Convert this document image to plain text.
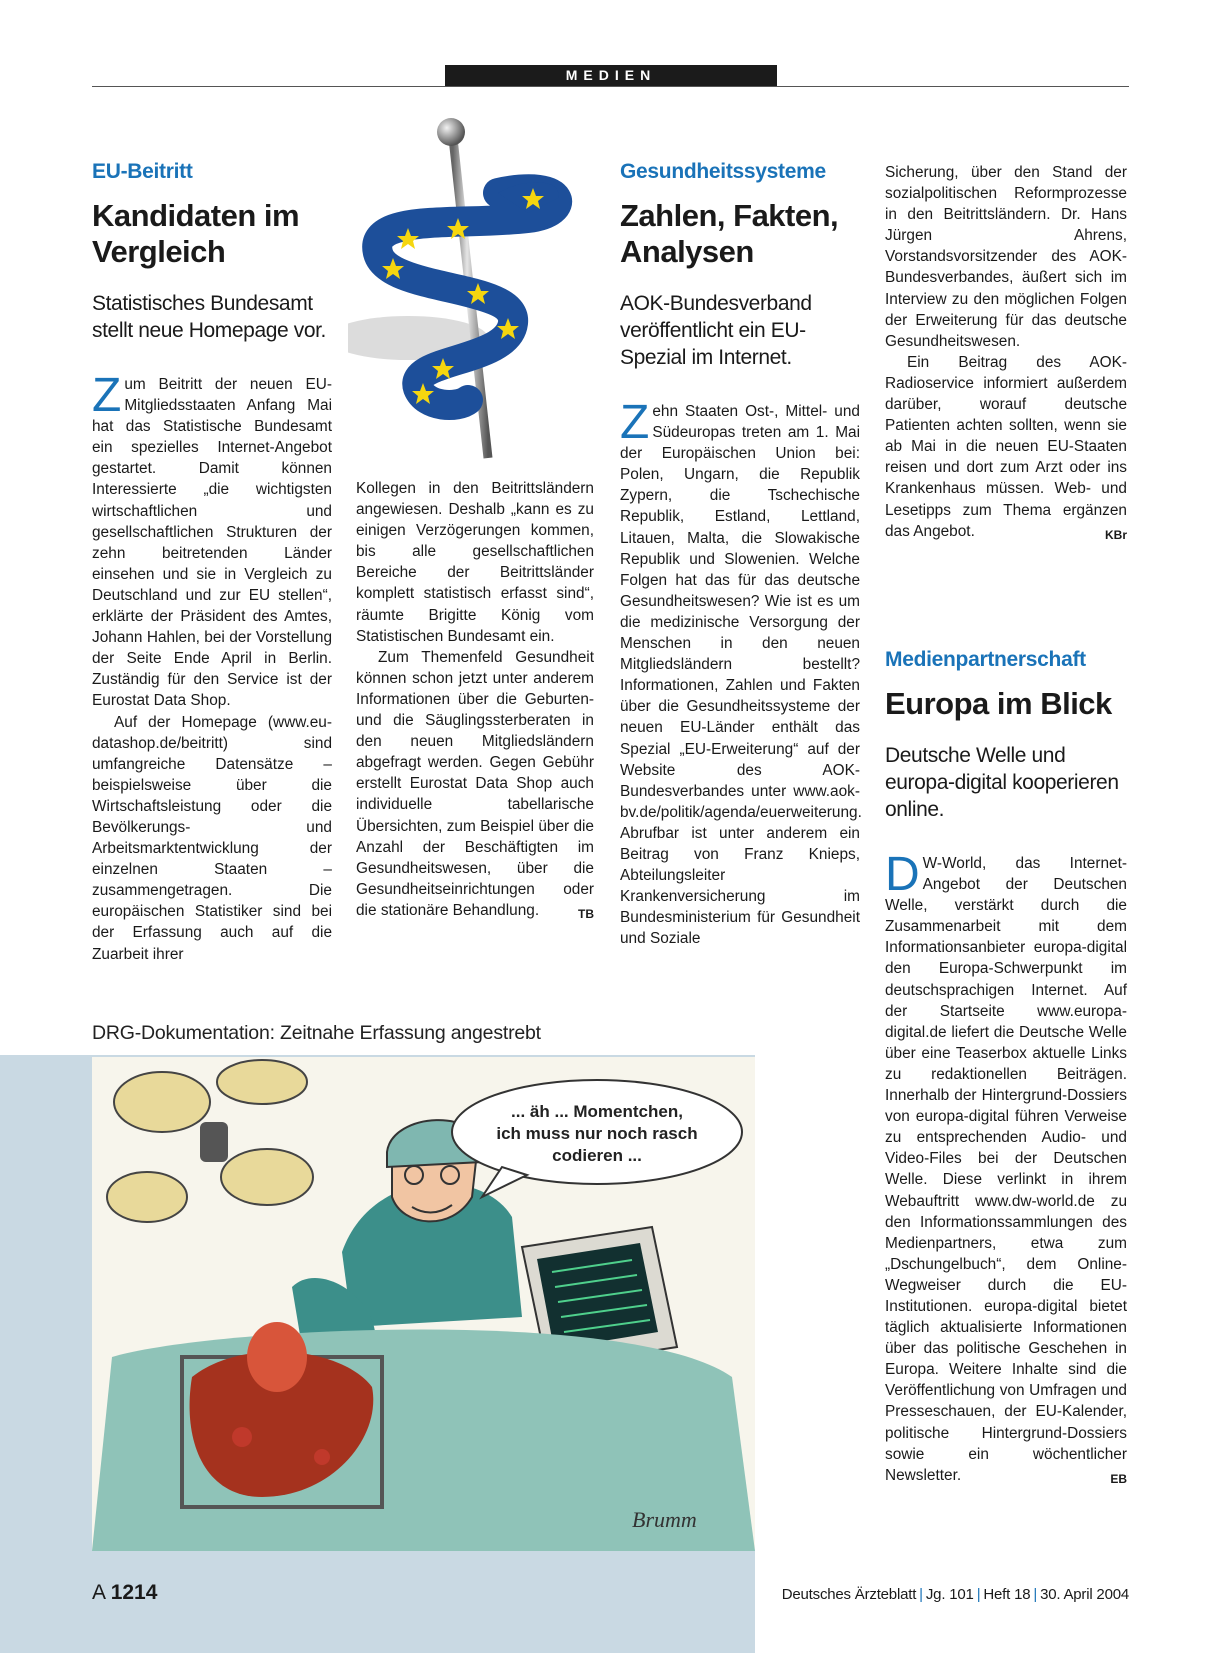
MEDIEN
EU-Beitritt
Kandidaten im Vergleich
Statistisches Bundesamt stellt neue Homepage vor.

Zum Beitritt der neuen EU-Mitgliedsstaaten Anfang Mai hat das Statistische Bundesamt ein spezielles Internet-Angebot gestartet. Damit können Interessierte „die wichtigsten wirtschaftlichen und gesellschaftlichen Strukturen der zehn beitretenden Länder einsehen und sie in Vergleich zu Deutschland und zur EU stellen“, erklärte der Präsident des Amtes, Johann Hahlen, bei der Vorstellung der Seite Ende April in Berlin. Zuständig für den Service ist der Eurostat Data Shop.

Auf der Homepage (www.eu-datashop.de/beitritt) sind umfangreiche Datensätze – beispielsweise über die Wirtschaftsleistung oder die Bevölkerungs- und Arbeitsmarktentwicklung der einzelnen Staaten – zusammengetragen. Die europäischen Statistiker sind bei der Erfassung auch auf die Zuarbeit ihrer

Kollegen in den Beitrittsländern angewiesen. Deshalb „kann es zu einigen Verzögerungen kommen, bis alle gesellschaftlichen Bereiche der Beitrittsländer komplett statistisch erfasst sind“, räumte Brigitte König vom Statistischen Bundesamt ein.

Zum Themenfeld Gesundheit können schon jetzt unter anderem Informationen über die Geburten- und die Säuglingssterberaten in den neuen Mitgliedsländern abgefragt werden. Gegen Gebühr erstellt Eurostat Data Shop auch individuelle tabellarische Übersichten, zum Beispiel über die Anzahl der Beschäftigten im Gesundheitswesen, über die Gesundheitseinrichtungen oder die stationäre Behandlung.	TB

Gesundheitssysteme
Zahlen, Fakten, Analysen
AOK-Bundesverband veröffentlicht ein EU-Spezial im Internet.

Zehn Staaten Ost-, Mittel- und Südeuropas treten am 1. Mai der Europäischen Union bei: Polen, Ungarn, die Republik Zypern, die Tschechische Republik, Estland, Lettland, Litauen, Malta, die Slowakische Republik und Slowenien. Welche Folgen hat das für das deutsche Gesundheitswesen? Wie ist es um die medizinische Versorgung der Menschen in den neuen Mitgliedsländern bestellt? Informationen, Zahlen und Fakten über die Gesundheitssysteme der neuen EU-Länder enthält das Spezial „EU-Erweiterung“ auf der Website des AOK-Bundesverbandes unter www.aok-bv.de/politik/agenda/euerweiterung. Abrufbar ist unter anderem ein Beitrag von Franz Knieps, Abteilungsleiter Krankenversicherung im Bundesministerium für Gesundheit und Soziale

Sicherung, über den Stand der sozialpolitischen Reformprozesse in den Beitrittsländern. Dr. Hans Jürgen Ahrens, Vorstandsvorsitzender des AOK-Bundesverbandes, äußert sich im Interview zu den möglichen Folgen der Erweiterung für das deutsche Gesundheitswesen.

Ein Beitrag des AOK-Radioservice informiert außerdem darüber, worauf deutsche Patienten achten sollten, wenn sie ab Mai in die neuen EU-Staaten reisen und dort zum Arzt oder ins Krankenhaus müssen. Web- und Lesetipps zum Thema ergänzen das Angebot.	KBr

Medienpartnerschaft
Europa im Blick
Deutsche Welle und europa-digital kooperieren online.

D W-World, das Internet-Angebot der Deutschen Welle, verstärkt durch die Zusammenarbeit mit dem Informationsanbieter europa-digital den Europa-Schwerpunkt im deutschsprachigen Internet. Auf der Startseite www.europa-digital.de liefert die Deutsche Welle über eine Teaserbox aktuelle Links zu redaktionellen Beiträgen. Innerhalb der Hintergrund-Dossiers von europa-digital führen Verweise zu entsprechenden Audio- und Video-Files bei der Deutschen Welle. Diese verlinkt in ihrem Webauftritt www.dw-world.de zu den Informationssammlungen des Medienpartners, etwa zum „Dschungelbuch“, dem Online-Wegweiser durch die EU-Institutionen. europa-digital bietet täglich aktualisierte Informationen über das politische Geschehen in Europa. Weitere Inhalte sind die Veröffentlichung von Umfragen und Presseschauen, der EU-Kalender, politische Hintergrund-Dossiers sowie ein wöchentlicher Newsletter.	EB

DRG-Dokumentation: Zeitnahe Erfassung angestrebt
... äh ... Momentchen,
ich muss nur noch rasch
codieren ...
Brumm
A 1214	Deutsches Ärzteblatt | Jg. 101 | Heft 18 | 30. April 2004
